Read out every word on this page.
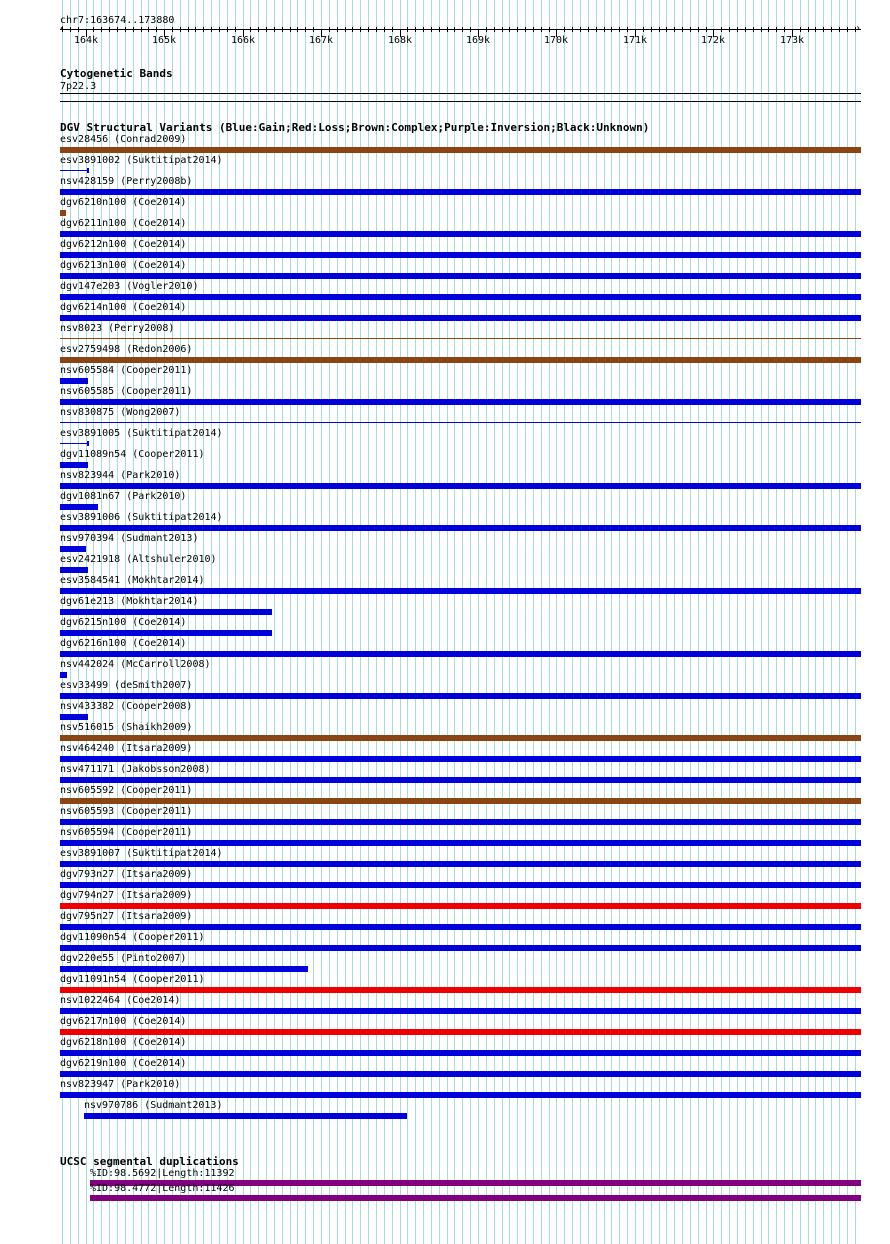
chr7:163674..173880
164k	165k	166k	167k	168k	169k	170k	171k	172k	173k
‹	›
Cytogenetic Bands
7p22.3
DGV Structural Variants (Blue:Gain;Red:Loss;Brown:Complex;Purple:Inversion;Black:Unknown)
esv28456 (Conrad2009)
esv3891002 (Suktitipat2014)
nsv428159 (Perry2008b)
dgv6210n100 (Coe2014)
dgv6211n100 (Coe2014)
dgv6212n100 (Coe2014)
dgv6213n100 (Coe2014)
dgv147e203 (Vogler2010)
dgv6214n100 (Coe2014)
nsv8023 (Perry2008)
esv2759498 (Redon2006)
nsv605584 (Cooper2011)
nsv605585 (Cooper2011)
nsv830875 (Wong2007)
esv3891005 (Suktitipat2014)
dgv11089n54 (Cooper2011)
nsv823944 (Park2010)
dgv1081n67 (Park2010)
esv3891006 (Suktitipat2014)
nsv970394 (Sudmant2013)
esv2421918 (Altshuler2010)
esv3584541 (Mokhtar2014)
dgv61e213 (Mokhtar2014)
dgv6215n100 (Coe2014)
dgv6216n100 (Coe2014)
nsv442024 (McCarroll2008)
esv33499 (deSmith2007)
nsv433382 (Cooper2008)
nsv516015 (Shaikh2009)
nsv464240 (Itsara2009)
nsv471171 (Jakobsson2008)
nsv605592 (Cooper2011)
nsv605593 (Cooper2011)
nsv605594 (Cooper2011)
esv3891007 (Suktitipat2014)
dgv793n27 (Itsara2009)
dgv794n27 (Itsara2009)
dgv795n27 (Itsara2009)
dgv11090n54 (Cooper2011)
dgv220e55 (Pinto2007)
dgv11091n54 (Cooper2011)
nsv1022464 (Coe2014)
dgv6217n100 (Coe2014)
dgv6218n100 (Coe2014)
dgv6219n100 (Coe2014)
nsv823947 (Park2010)
nsv970786 (Sudmant2013)
UCSC segmental duplications
%ID:98.5692|Length:11392
%ID:98.4772|Length:11426
